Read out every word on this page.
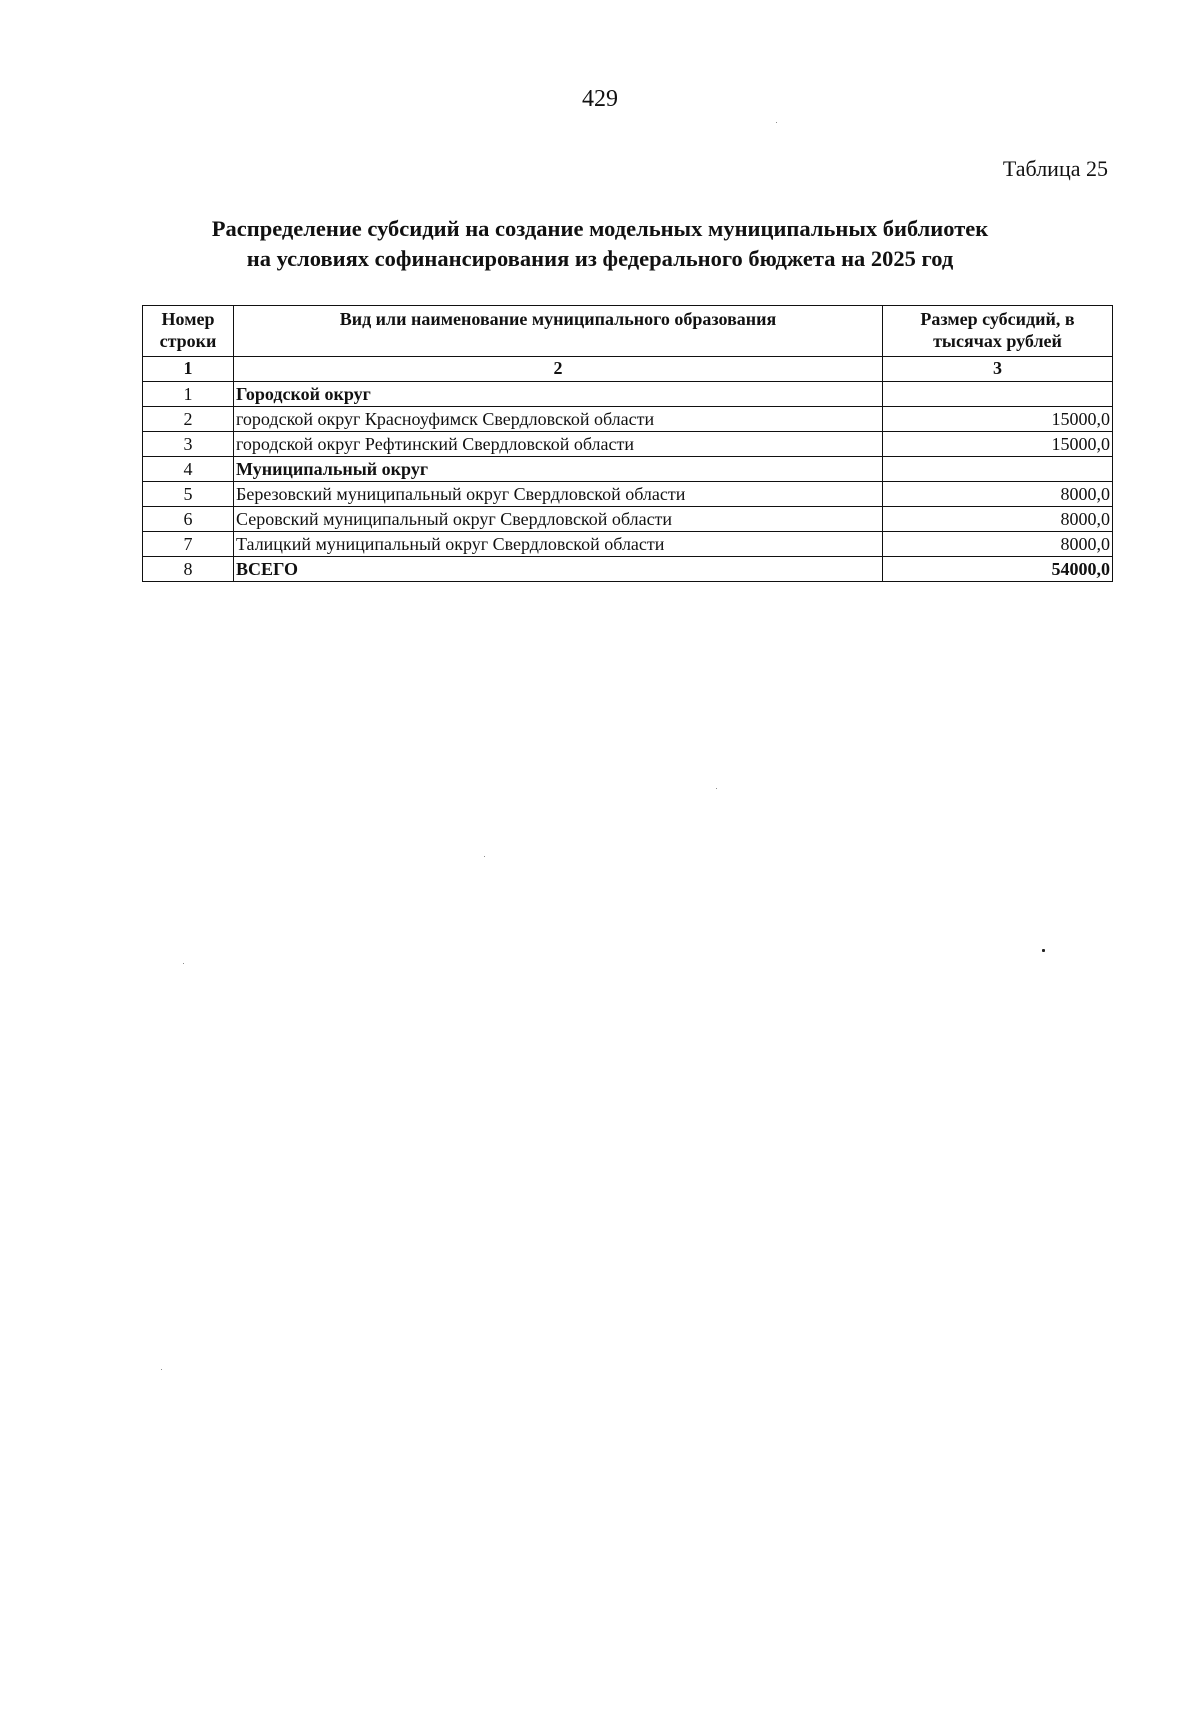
429
Таблица 25
Распределение субсидий на создание модельных муниципальных библиотек
на условиях софинансирования из федерального бюджета на 2025 год
Номер строки	Вид или наименование муниципального образования	Размер субсидий, в тысячах рублей
1	2	3
1	Городской округ	
2	городской округ Красноуфимск Свердловской области	15000,0
3	городской округ Рефтинский Свердловской области	15000,0
4	Муниципальный округ	
5	Березовский муниципальный округ Свердловской области	8000,0
6	Серовский муниципальный округ Свердловской области	8000,0
7	Талицкий муниципальный округ Свердловской области	8000,0
8	ВСЕГО	54000,0
